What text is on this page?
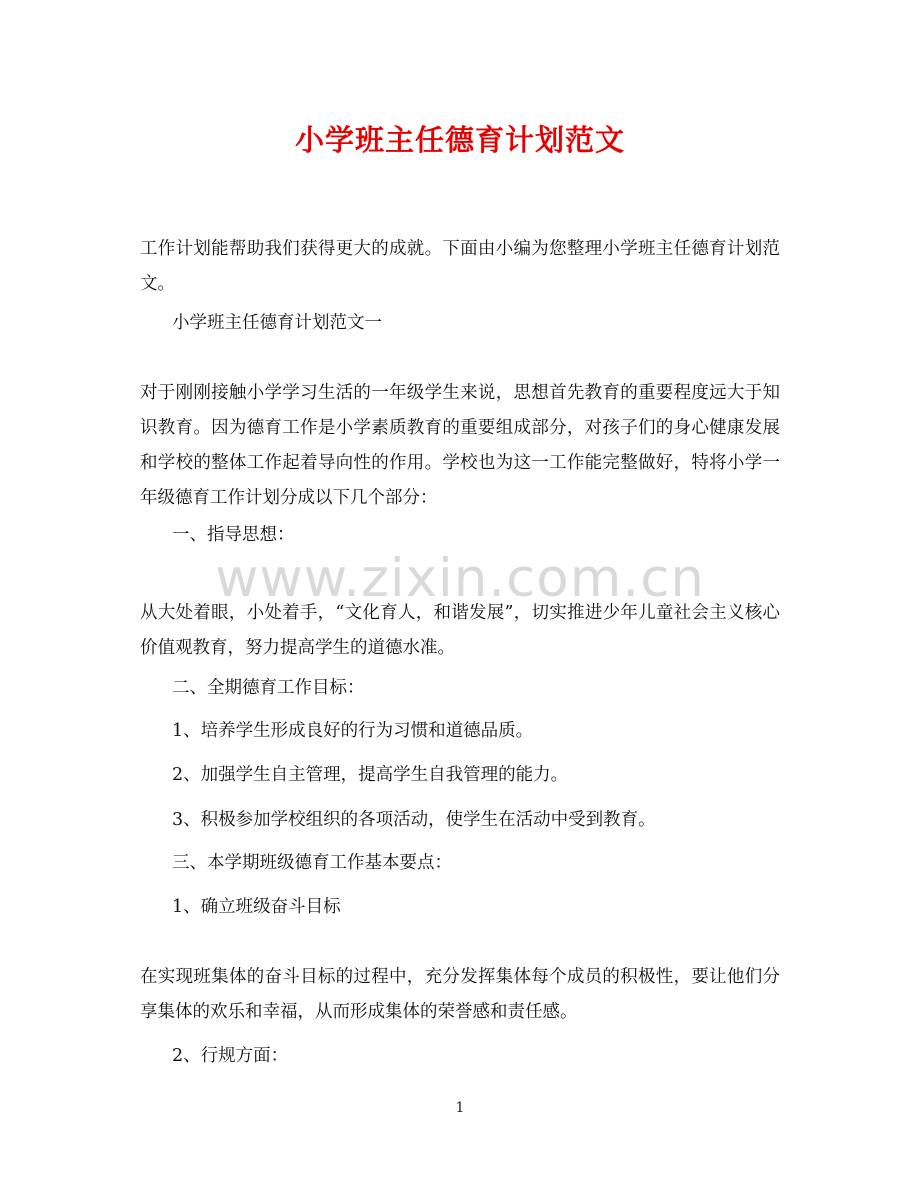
小学班主任德育计划范文

工作计划能帮助我们获得更大的成就。下面由小编为您整理小学班主任德育计划范文。

小学班主任德育计划范文一

对于刚刚接触小学学习生活的一年级学生来说，思想首先教育的重要程度远大于知识教育。因为德育工作是小学素质教育的重要组成部分，对孩子们的身心健康发展和学校的整体工作起着导向性的作用。学校也为这一工作能完整做好，特将小学一年级德育工作计划分成以下几个部分：

一、指导思想：

www.zixin.com.cn

从大处着眼，小处着手，“文化育人，和谐发展”，切实推进少年儿童社会主义核心价值观教育，努力提高学生的道德水准。

二、全期德育工作目标：

1、培养学生形成良好的行为习惯和道德品质。

2、加强学生自主管理，提高学生自我管理的能力。

3、积极参加学校组织的各项活动，使学生在活动中受到教育。

三、本学期班级德育工作基本要点：

1、确立班级奋斗目标

在实现班集体的奋斗目标的过程中，充分发挥集体每个成员的积极性，要让他们分享集体的欢乐和幸福，从而形成集体的荣誉感和责任感。

2、行规方面：

1
